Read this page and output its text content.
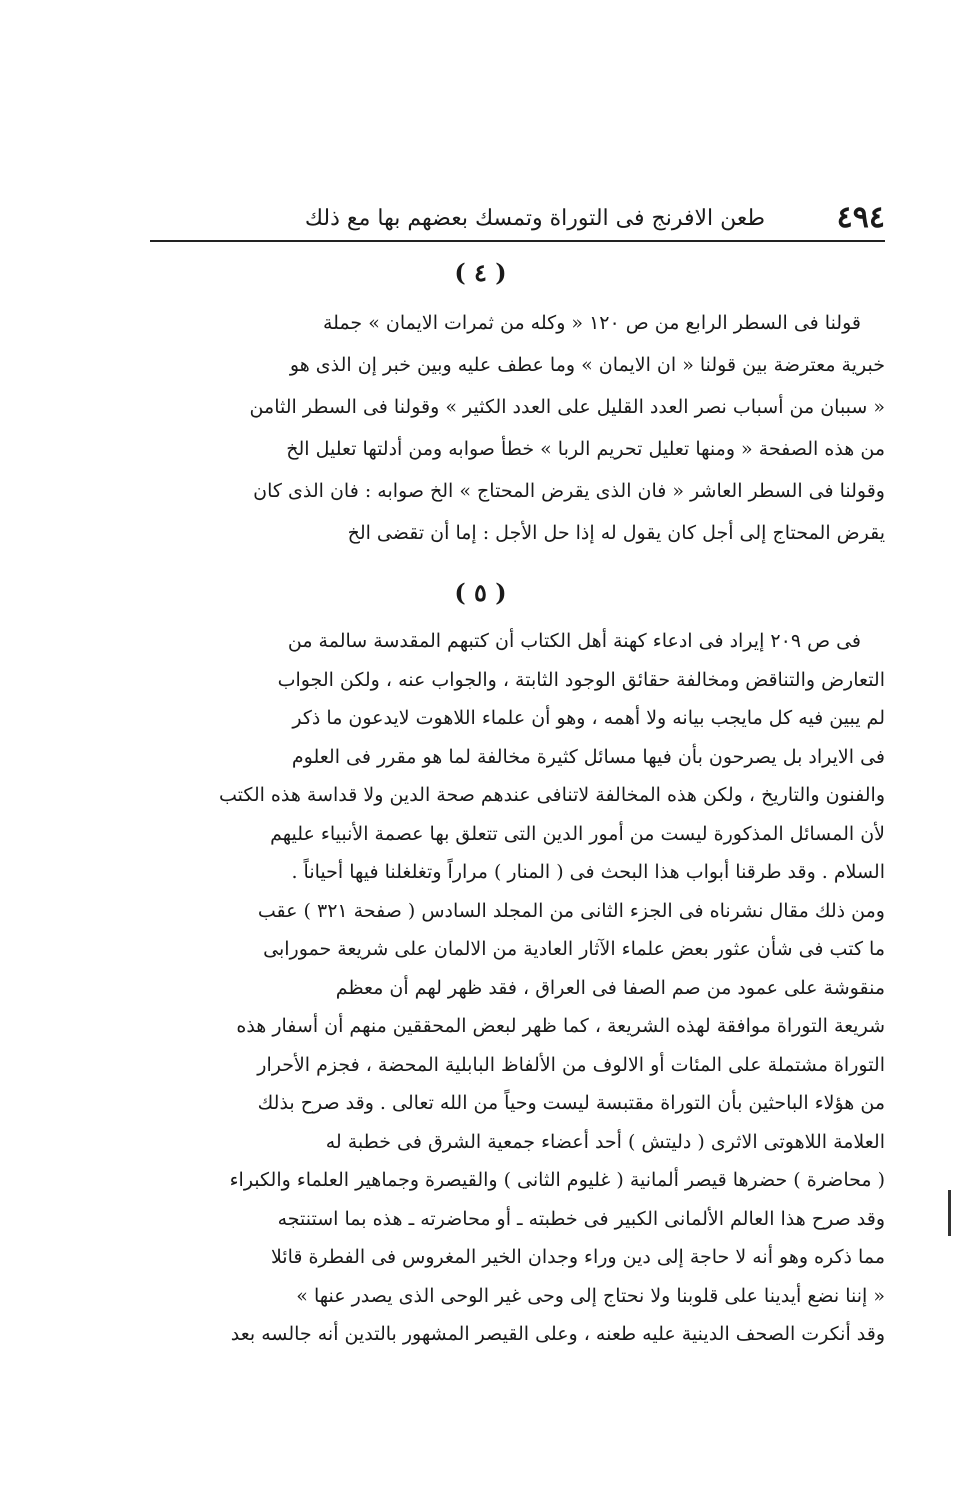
٤٩٤
طعن الافرنج فى التوراة وتمسك بعضهم بها مع ذلك
( ٤ )
قولنا فى السطر الرابع من ص ١٢٠ « وكله من ثمرات الايمان » جملة
خبرية معترضة بين قولنا « ان الايمان » وما عطف عليه وبين خبر إن الذى هو
« سببان من أسباب نصر العدد القليل على العدد الكثير » وقولنا فى السطر الثامن
من هذه الصفحة « ومنها تعليل تحريم الربا » خطأ صوابه ومن أدلتها تعليل الخ
وقولنا فى السطر العاشر « فان الذى يقرض المحتاج » الخ صوابه : فان الذى كان
يقرض المحتاج إلى أجل كان يقول له إذا حل الأجل : إما أن تقضى الخ
( ٥ )
فى ص ٢٠٩ إيراد فى ادعاء كهنة أهل الكتاب أن كتبهم المقدسة سالمة من
التعارض والتناقض ومخالفة حقائق الوجود الثابتة ، والجواب عنه ، ولكن الجواب
لم يبين فيه كل مايجب بيانه ولا أهمه ، وهو أن علماء اللاهوت لايدعون ما ذكر
فى الايراد بل يصرحون بأن فيها مسائل كثيرة مخالفة لما هو مقرر فى العلوم
والفنون والتاريخ ، ولكن هذه المخالفة لاتنافى عندهم صحة الدين ولا قداسة هذه الكتب
لأن المسائل المذكورة ليست من أمور الدين التى تتعلق بها عصمة الأنبياء عليهم
السلام . وقد طرقنا أبواب هذا البحث فى ( المنار ) مراراً وتغلغلنا فيها أحياناً .
ومن ذلك مقال نشرناه فى الجزء الثانى من المجلد السادس ( صفحة ٣٢١ ) عقب
ما كتب فى شأن عثور بعض علماء الآثار العادية من الالمان على شريعة حمورابى
منقوشة على عمود من صم الصفا فى العراق ، فقد ظهر لهم أن معظم
شريعة التوراة موافقة لهذه الشريعة ، كما ظهر لبعض المحققين منهم أن أسفار هذه
التوراة مشتملة على المئات أو الالوف من الألفاظ البابلية المحضة ، فجزم الأحرار
من هؤلاء الباحثين بأن التوراة مقتبسة ليست وحياً من الله تعالى . وقد صرح بذلك
العلامة اللاهوتى الاثرى ( دليتش ) أحد أعضاء جمعية الشرق فى خطبة له
( محاضرة ) حضرها قيصر ألمانية ( غليوم الثانى ) والقيصرة وجماهير العلماء والكبراء
وقد صرح هذا العالم الألمانى الكبير فى خطبته ـ أو محاضرته ـ هذه بما استنتجه
مما ذكره وهو أنه لا حاجة إلى دين وراء وجدان الخير المغروس فى الفطرة قائلا
« إننا نضع أيدينا على قلوبنا ولا نحتاج إلى وحى غير الوحى الذى يصدر عنها »
وقد أنكرت الصحف الدينية عليه طعنه ، وعلى القيصر المشهور بالتدين أنه جالسه بعد
